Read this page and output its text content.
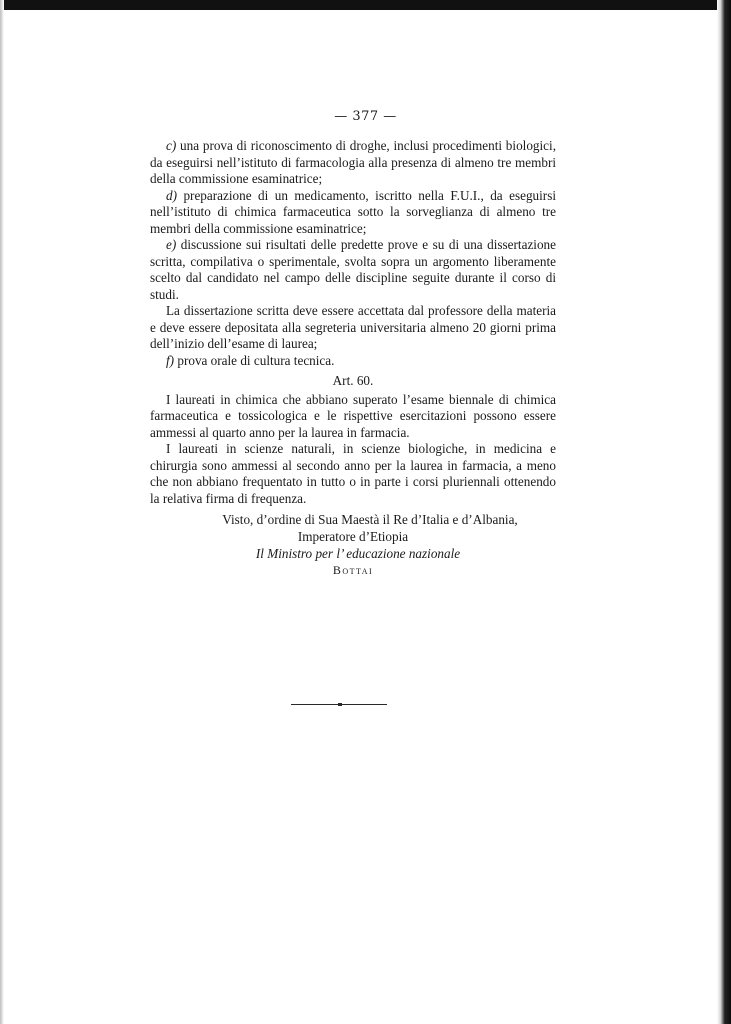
— 377 —

c) una prova di riconoscimento di droghe, inclusi procedimenti biologici, da eseguirsi nell’istituto di farmacologia alla presenza di almeno tre membri della commissione esaminatrice;

d) preparazione di un medicamento, iscritto nella F.U.I., da eseguirsi nell’istituto di chimica farmaceutica sotto la sorveglianza di almeno tre membri della commissione esaminatrice;

e) discussione sui risultati delle predette prove e su di una dissertazione scritta, compilativa o sperimentale, svolta sopra un argomento liberamente scelto dal candidato nel campo delle discipline seguite durante il corso di studi.

La dissertazione scritta deve essere accettata dal professore della materia e deve essere depositata alla segreteria universitaria almeno 20 giorni prima dell’inizio dell’esame di laurea;

f) prova orale di cultura tecnica.

Art. 60.

I laureati in chimica che abbiano superato l’esame biennale di chimica farmaceutica e tossicologica e le rispettive esercitazioni possono essere ammessi al quarto anno per la laurea in farmacia.

I laureati in scienze naturali, in scienze biologiche, in medicina e chirurgia sono ammessi al secondo anno per la laurea in farmacia, a meno che non abbiano frequentato in tutto o in parte i corsi pluriennali ottenendo la relativa firma di frequenza.

Visto, d’ordine di Sua Maestà il Re d’Italia e d’Albania,
Imperatore d’Etiopia
Il Ministro per l’ educazione nazionale
Bottai
